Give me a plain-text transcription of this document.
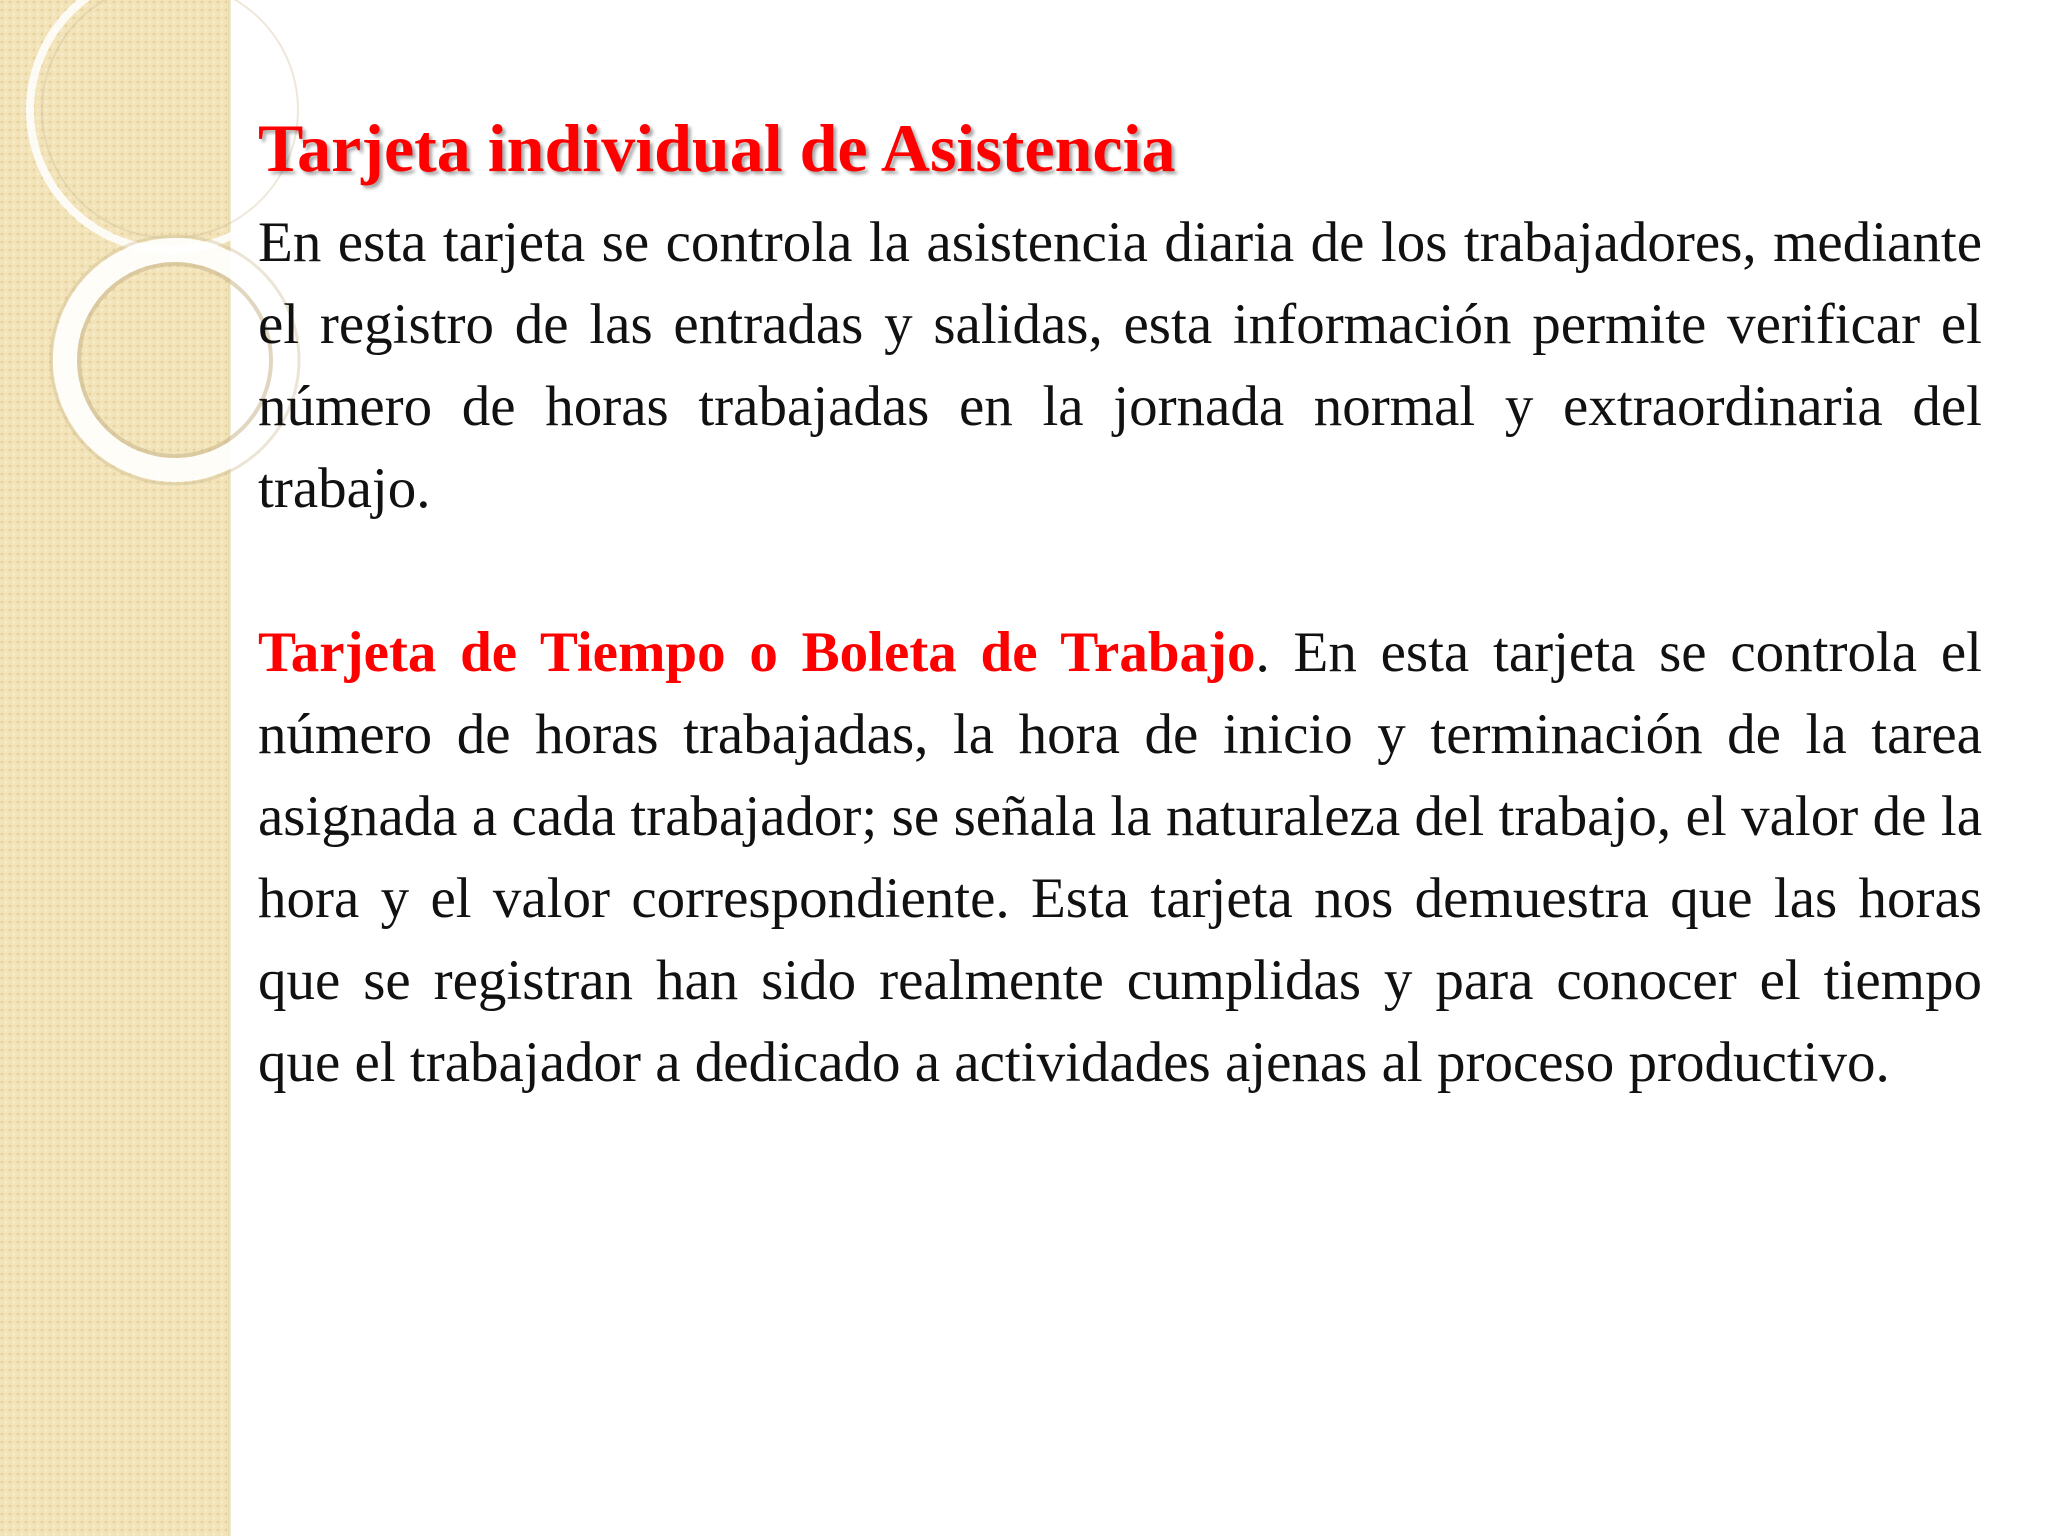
Tarjeta individual de Asistencia

En esta tarjeta se controla la asistencia diaria de los trabajadores, mediante el registro de las entradas y salidas, esta información permite verificar el número de horas trabajadas en la jornada normal y extraordinaria del trabajo.

Tarjeta de Tiempo o Boleta de Trabajo. En esta tarjeta se controla el número de horas trabajadas, la hora de inicio y terminación de la tarea asignada a cada trabajador; se señala la naturaleza del trabajo, el valor de la hora y el valor correspondiente. Esta tarjeta nos demuestra que las horas que se registran han sido realmente cumplidas y para conocer el tiempo que el trabajador a dedicado a actividades ajenas al proceso productivo.
